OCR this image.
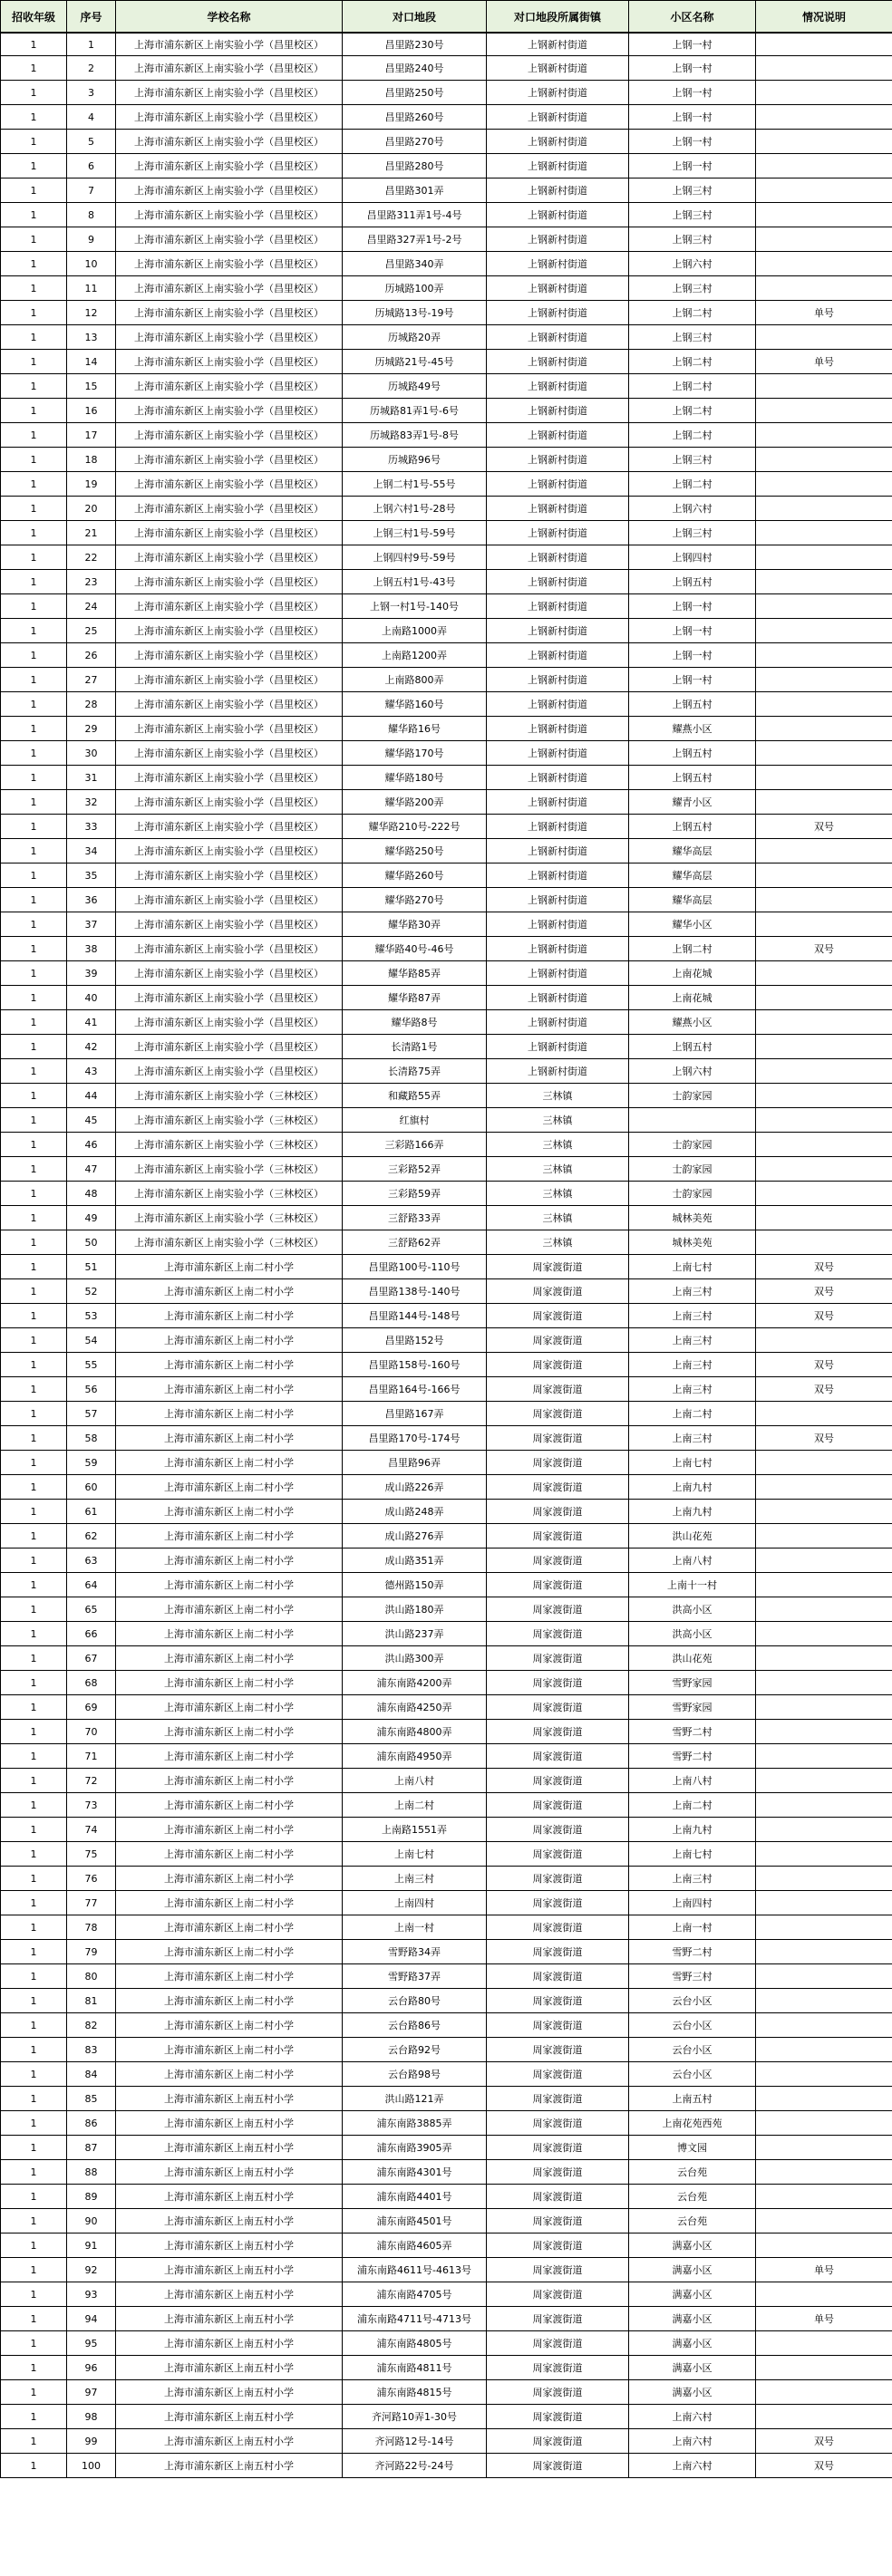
招收年级	序号	学校名称	对口地段	对口地段所属街镇	小区名称	情况说明
1	1	上海市浦东新区上南实验小学（昌里校区）	昌里路230号	上钢新村街道	上钢一村	
1	2	上海市浦东新区上南实验小学（昌里校区）	昌里路240号	上钢新村街道	上钢一村	
1	3	上海市浦东新区上南实验小学（昌里校区）	昌里路250号	上钢新村街道	上钢一村	
1	4	上海市浦东新区上南实验小学（昌里校区）	昌里路260号	上钢新村街道	上钢一村	
1	5	上海市浦东新区上南实验小学（昌里校区）	昌里路270号	上钢新村街道	上钢一村	
1	6	上海市浦东新区上南实验小学（昌里校区）	昌里路280号	上钢新村街道	上钢一村	
1	7	上海市浦东新区上南实验小学（昌里校区）	昌里路301弄	上钢新村街道	上钢三村	
1	8	上海市浦东新区上南实验小学（昌里校区）	昌里路311弄1号-4号	上钢新村街道	上钢三村	
1	9	上海市浦东新区上南实验小学（昌里校区）	昌里路327弄1号-2号	上钢新村街道	上钢三村	
1	10	上海市浦东新区上南实验小学（昌里校区）	昌里路340弄	上钢新村街道	上钢六村	
1	11	上海市浦东新区上南实验小学（昌里校区）	历城路100弄	上钢新村街道	上钢三村	
1	12	上海市浦东新区上南实验小学（昌里校区）	历城路13号-19号	上钢新村街道	上钢二村	单号
1	13	上海市浦东新区上南实验小学（昌里校区）	历城路20弄	上钢新村街道	上钢三村	
1	14	上海市浦东新区上南实验小学（昌里校区）	历城路21号-45号	上钢新村街道	上钢二村	单号
1	15	上海市浦东新区上南实验小学（昌里校区）	历城路49号	上钢新村街道	上钢二村	
1	16	上海市浦东新区上南实验小学（昌里校区）	历城路81弄1号-6号	上钢新村街道	上钢二村	
1	17	上海市浦东新区上南实验小学（昌里校区）	历城路83弄1号-8号	上钢新村街道	上钢二村	
1	18	上海市浦东新区上南实验小学（昌里校区）	历城路96号	上钢新村街道	上钢三村	
1	19	上海市浦东新区上南实验小学（昌里校区）	上钢二村1号-55号	上钢新村街道	上钢二村	
1	20	上海市浦东新区上南实验小学（昌里校区）	上钢六村1号-28号	上钢新村街道	上钢六村	
1	21	上海市浦东新区上南实验小学（昌里校区）	上钢三村1号-59号	上钢新村街道	上钢三村	
1	22	上海市浦东新区上南实验小学（昌里校区）	上钢四村9号-59号	上钢新村街道	上钢四村	
1	23	上海市浦东新区上南实验小学（昌里校区）	上钢五村1号-43号	上钢新村街道	上钢五村	
1	24	上海市浦东新区上南实验小学（昌里校区）	上钢一村1号-140号	上钢新村街道	上钢一村	
1	25	上海市浦东新区上南实验小学（昌里校区）	上南路1000弄	上钢新村街道	上钢一村	
1	26	上海市浦东新区上南实验小学（昌里校区）	上南路1200弄	上钢新村街道	上钢一村	
1	27	上海市浦东新区上南实验小学（昌里校区）	上南路800弄	上钢新村街道	上钢一村	
1	28	上海市浦东新区上南实验小学（昌里校区）	耀华路160号	上钢新村街道	上钢五村	
1	29	上海市浦东新区上南实验小学（昌里校区）	耀华路16号	上钢新村街道	耀燕小区	
1	30	上海市浦东新区上南实验小学（昌里校区）	耀华路170号	上钢新村街道	上钢五村	
1	31	上海市浦东新区上南实验小学（昌里校区）	耀华路180号	上钢新村街道	上钢五村	
1	32	上海市浦东新区上南实验小学（昌里校区）	耀华路200弄	上钢新村街道	耀青小区	
1	33	上海市浦东新区上南实验小学（昌里校区）	耀华路210号-222号	上钢新村街道	上钢五村	双号
1	34	上海市浦东新区上南实验小学（昌里校区）	耀华路250号	上钢新村街道	耀华高层	
1	35	上海市浦东新区上南实验小学（昌里校区）	耀华路260号	上钢新村街道	耀华高层	
1	36	上海市浦东新区上南实验小学（昌里校区）	耀华路270号	上钢新村街道	耀华高层	
1	37	上海市浦东新区上南实验小学（昌里校区）	耀华路30弄	上钢新村街道	耀华小区	
1	38	上海市浦东新区上南实验小学（昌里校区）	耀华路40号-46号	上钢新村街道	上钢二村	双号
1	39	上海市浦东新区上南实验小学（昌里校区）	耀华路85弄	上钢新村街道	上南花城	
1	40	上海市浦东新区上南实验小学（昌里校区）	耀华路87弄	上钢新村街道	上南花城	
1	41	上海市浦东新区上南实验小学（昌里校区）	耀华路8号	上钢新村街道	耀燕小区	
1	42	上海市浦东新区上南实验小学（昌里校区）	长清路1号	上钢新村街道	上钢五村	
1	43	上海市浦东新区上南实验小学（昌里校区）	长清路75弄	上钢新村街道	上钢六村	
1	44	上海市浦东新区上南实验小学（三林校区）	和藏路55弄	三林镇	士韵家园	
1	45	上海市浦东新区上南实验小学（三林校区）	红旗村	三林镇		
1	46	上海市浦东新区上南实验小学（三林校区）	三彩路166弄	三林镇	士韵家园	
1	47	上海市浦东新区上南实验小学（三林校区）	三彩路52弄	三林镇	士韵家园	
1	48	上海市浦东新区上南实验小学（三林校区）	三彩路59弄	三林镇	士韵家园	
1	49	上海市浦东新区上南实验小学（三林校区）	三舒路33弄	三林镇	城林美苑	
1	50	上海市浦东新区上南实验小学（三林校区）	三舒路62弄	三林镇	城林美苑	
1	51	上海市浦东新区上南二村小学	昌里路100号-110号	周家渡街道	上南七村	双号
1	52	上海市浦东新区上南二村小学	昌里路138号-140号	周家渡街道	上南三村	双号
1	53	上海市浦东新区上南二村小学	昌里路144号-148号	周家渡街道	上南三村	双号
1	54	上海市浦东新区上南二村小学	昌里路152号	周家渡街道	上南三村	
1	55	上海市浦东新区上南二村小学	昌里路158号-160号	周家渡街道	上南三村	双号
1	56	上海市浦东新区上南二村小学	昌里路164号-166号	周家渡街道	上南三村	双号
1	57	上海市浦东新区上南二村小学	昌里路167弄	周家渡街道	上南二村	
1	58	上海市浦东新区上南二村小学	昌里路170号-174号	周家渡街道	上南三村	双号
1	59	上海市浦东新区上南二村小学	昌里路96弄	周家渡街道	上南七村	
1	60	上海市浦东新区上南二村小学	成山路226弄	周家渡街道	上南九村	
1	61	上海市浦东新区上南二村小学	成山路248弄	周家渡街道	上南九村	
1	62	上海市浦东新区上南二村小学	成山路276弄	周家渡街道	洪山花苑	
1	63	上海市浦东新区上南二村小学	成山路351弄	周家渡街道	上南八村	
1	64	上海市浦东新区上南二村小学	德州路150弄	周家渡街道	上南十一村	
1	65	上海市浦东新区上南二村小学	洪山路180弄	周家渡街道	洪高小区	
1	66	上海市浦东新区上南二村小学	洪山路237弄	周家渡街道	洪高小区	
1	67	上海市浦东新区上南二村小学	洪山路300弄	周家渡街道	洪山花苑	
1	68	上海市浦东新区上南二村小学	浦东南路4200弄	周家渡街道	雪野家园	
1	69	上海市浦东新区上南二村小学	浦东南路4250弄	周家渡街道	雪野家园	
1	70	上海市浦东新区上南二村小学	浦东南路4800弄	周家渡街道	雪野二村	
1	71	上海市浦东新区上南二村小学	浦东南路4950弄	周家渡街道	雪野二村	
1	72	上海市浦东新区上南二村小学	上南八村	周家渡街道	上南八村	
1	73	上海市浦东新区上南二村小学	上南二村	周家渡街道	上南二村	
1	74	上海市浦东新区上南二村小学	上南路1551弄	周家渡街道	上南九村	
1	75	上海市浦东新区上南二村小学	上南七村	周家渡街道	上南七村	
1	76	上海市浦东新区上南二村小学	上南三村	周家渡街道	上南三村	
1	77	上海市浦东新区上南二村小学	上南四村	周家渡街道	上南四村	
1	78	上海市浦东新区上南二村小学	上南一村	周家渡街道	上南一村	
1	79	上海市浦东新区上南二村小学	雪野路34弄	周家渡街道	雪野二村	
1	80	上海市浦东新区上南二村小学	雪野路37弄	周家渡街道	雪野三村	
1	81	上海市浦东新区上南二村小学	云台路80号	周家渡街道	云台小区	
1	82	上海市浦东新区上南二村小学	云台路86号	周家渡街道	云台小区	
1	83	上海市浦东新区上南二村小学	云台路92号	周家渡街道	云台小区	
1	84	上海市浦东新区上南二村小学	云台路98号	周家渡街道	云台小区	
1	85	上海市浦东新区上南五村小学	洪山路121弄	周家渡街道	上南五村	
1	86	上海市浦东新区上南五村小学	浦东南路3885弄	周家渡街道	上南花苑西苑	
1	87	上海市浦东新区上南五村小学	浦东南路3905弄	周家渡街道	博文园	
1	88	上海市浦东新区上南五村小学	浦东南路4301号	周家渡街道	云台苑	
1	89	上海市浦东新区上南五村小学	浦东南路4401号	周家渡街道	云台苑	
1	90	上海市浦东新区上南五村小学	浦东南路4501号	周家渡街道	云台苑	
1	91	上海市浦东新区上南五村小学	浦东南路4605弄	周家渡街道	满嘉小区	
1	92	上海市浦东新区上南五村小学	浦东南路4611号-4613号	周家渡街道	满嘉小区	单号
1	93	上海市浦东新区上南五村小学	浦东南路4705号	周家渡街道	满嘉小区	
1	94	上海市浦东新区上南五村小学	浦东南路4711号-4713号	周家渡街道	满嘉小区	单号
1	95	上海市浦东新区上南五村小学	浦东南路4805号	周家渡街道	满嘉小区	
1	96	上海市浦东新区上南五村小学	浦东南路4811号	周家渡街道	满嘉小区	
1	97	上海市浦东新区上南五村小学	浦东南路4815号	周家渡街道	满嘉小区	
1	98	上海市浦东新区上南五村小学	齐河路10弄1-30号	周家渡街道	上南六村	
1	99	上海市浦东新区上南五村小学	齐河路12号-14号	周家渡街道	上南六村	双号
1	100	上海市浦东新区上南五村小学	齐河路22号-24号	周家渡街道	上南六村	双号
